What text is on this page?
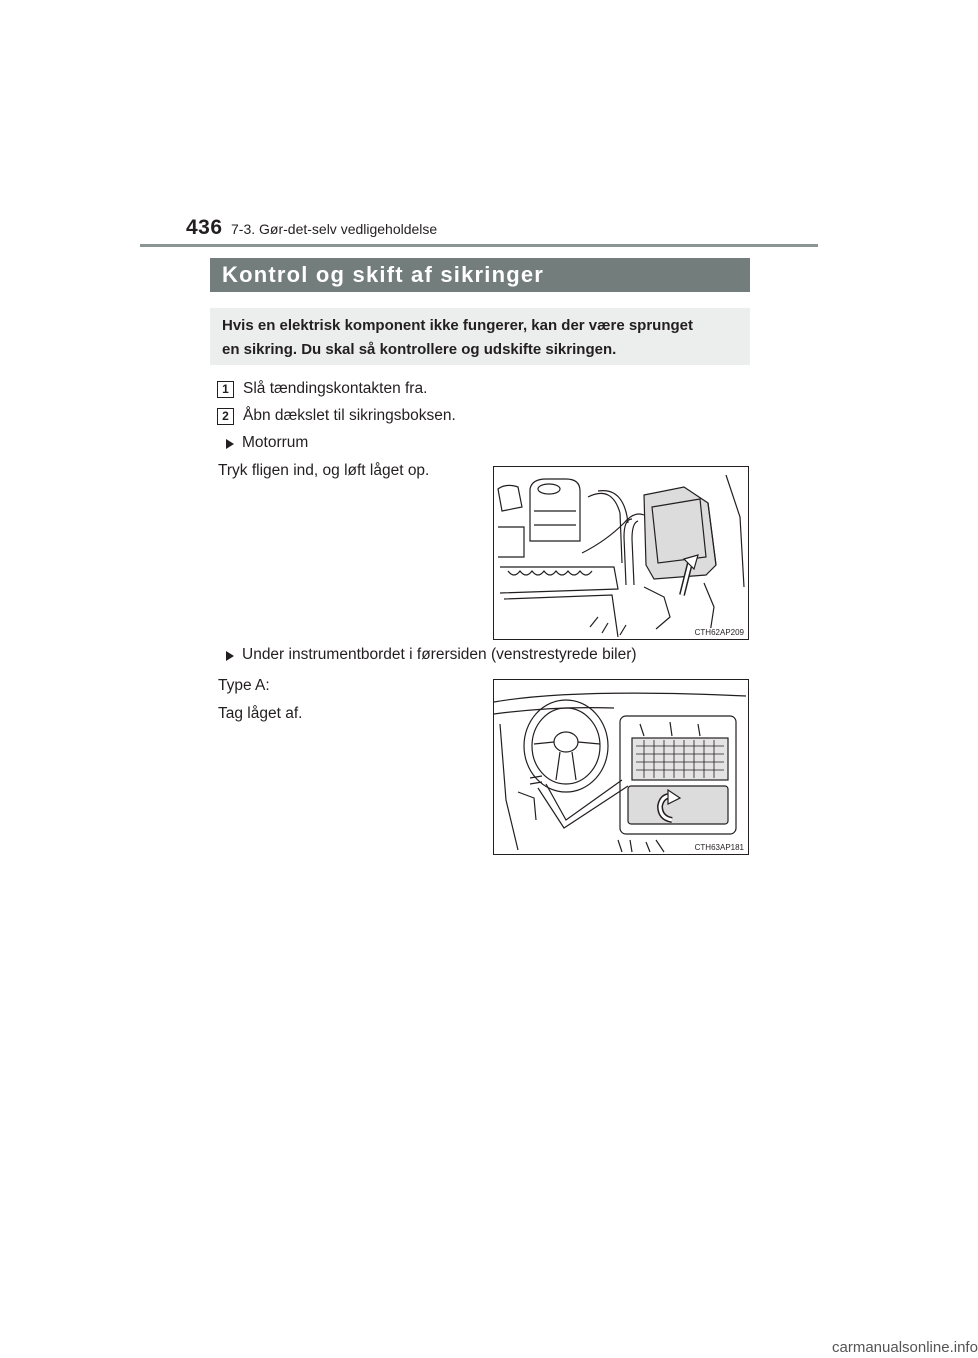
436 7-3. Gør-det-selv vedligeholdelse
Kontrol og skift af sikringer
Hvis en elektrisk komponent ikke fungerer, kan der være sprunget
en sikring. Du skal så kontrollere og udskifte sikringen.
1 Slå tændingskontakten fra.
2 Åbn dækslet til sikringsboksen.
Motorrum
Tryk fligen ind, og løft låget op.
CTH62AP209
Under instrumentbordet i førersiden (venstrestyrede biler)
Type A:
Tag låget af.
CTH63AP181
carmanualsonline.info
